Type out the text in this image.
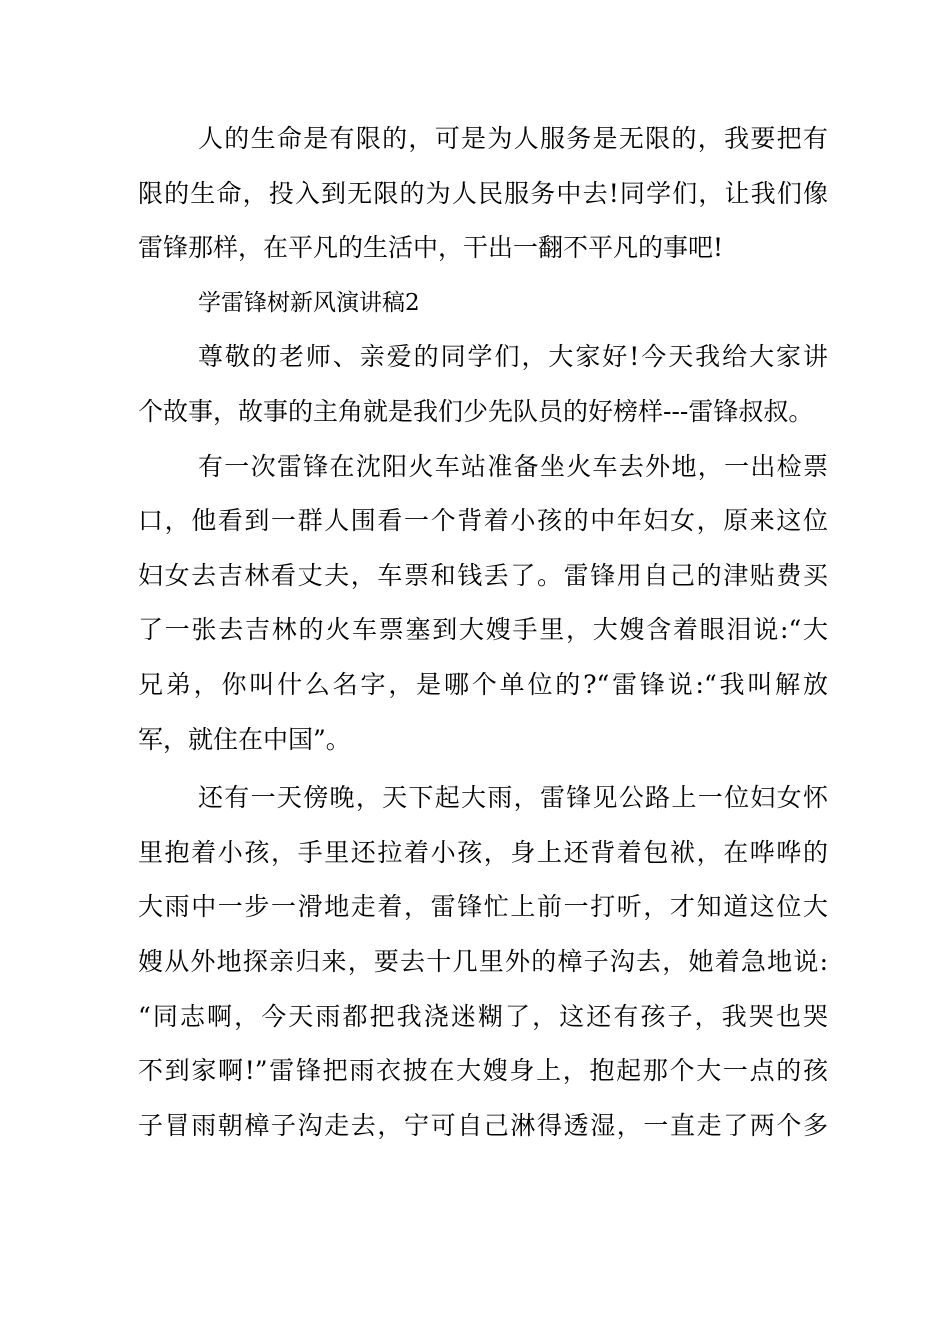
人的生命是有限的，可是为人服务是无限的，我要把有
限的生命，投入到无限的为人民服务中去!同学们，让我们像
雷锋那样，在平凡的生活中，干出一翻不平凡的事吧!
学雷锋树新风演讲稿2
尊敬的老师、亲爱的同学们，大家好!今天我给大家讲
个故事，故事的主角就是我们少先队员的好榜样---雷锋叔叔。
有一次雷锋在沈阳火车站准备坐火车去外地，一出检票
口，他看到一群人围看一个背着小孩的中年妇女，原来这位
妇女去吉林看丈夫，车票和钱丢了。雷锋用自己的津贴费买
了一张去吉林的火车票塞到大嫂手里，大嫂含着眼泪说:“大
兄弟，你叫什么名字，是哪个单位的?“雷锋说:“我叫解放
军，就住在中国”。
还有一天傍晚，天下起大雨，雷锋见公路上一位妇女怀
里抱着小孩，手里还拉着小孩，身上还背着包袱，在哗哗的
大雨中一步一滑地走着，雷锋忙上前一打听，才知道这位大
嫂从外地探亲归来，要去十几里外的樟子沟去，她着急地说:
“同志啊，今天雨都把我浇迷糊了，这还有孩子，我哭也哭
不到家啊!”雷锋把雨衣披在大嫂身上，抱起那个大一点的孩
子冒雨朝樟子沟走去，宁可自己淋得透湿，一直走了两个多
